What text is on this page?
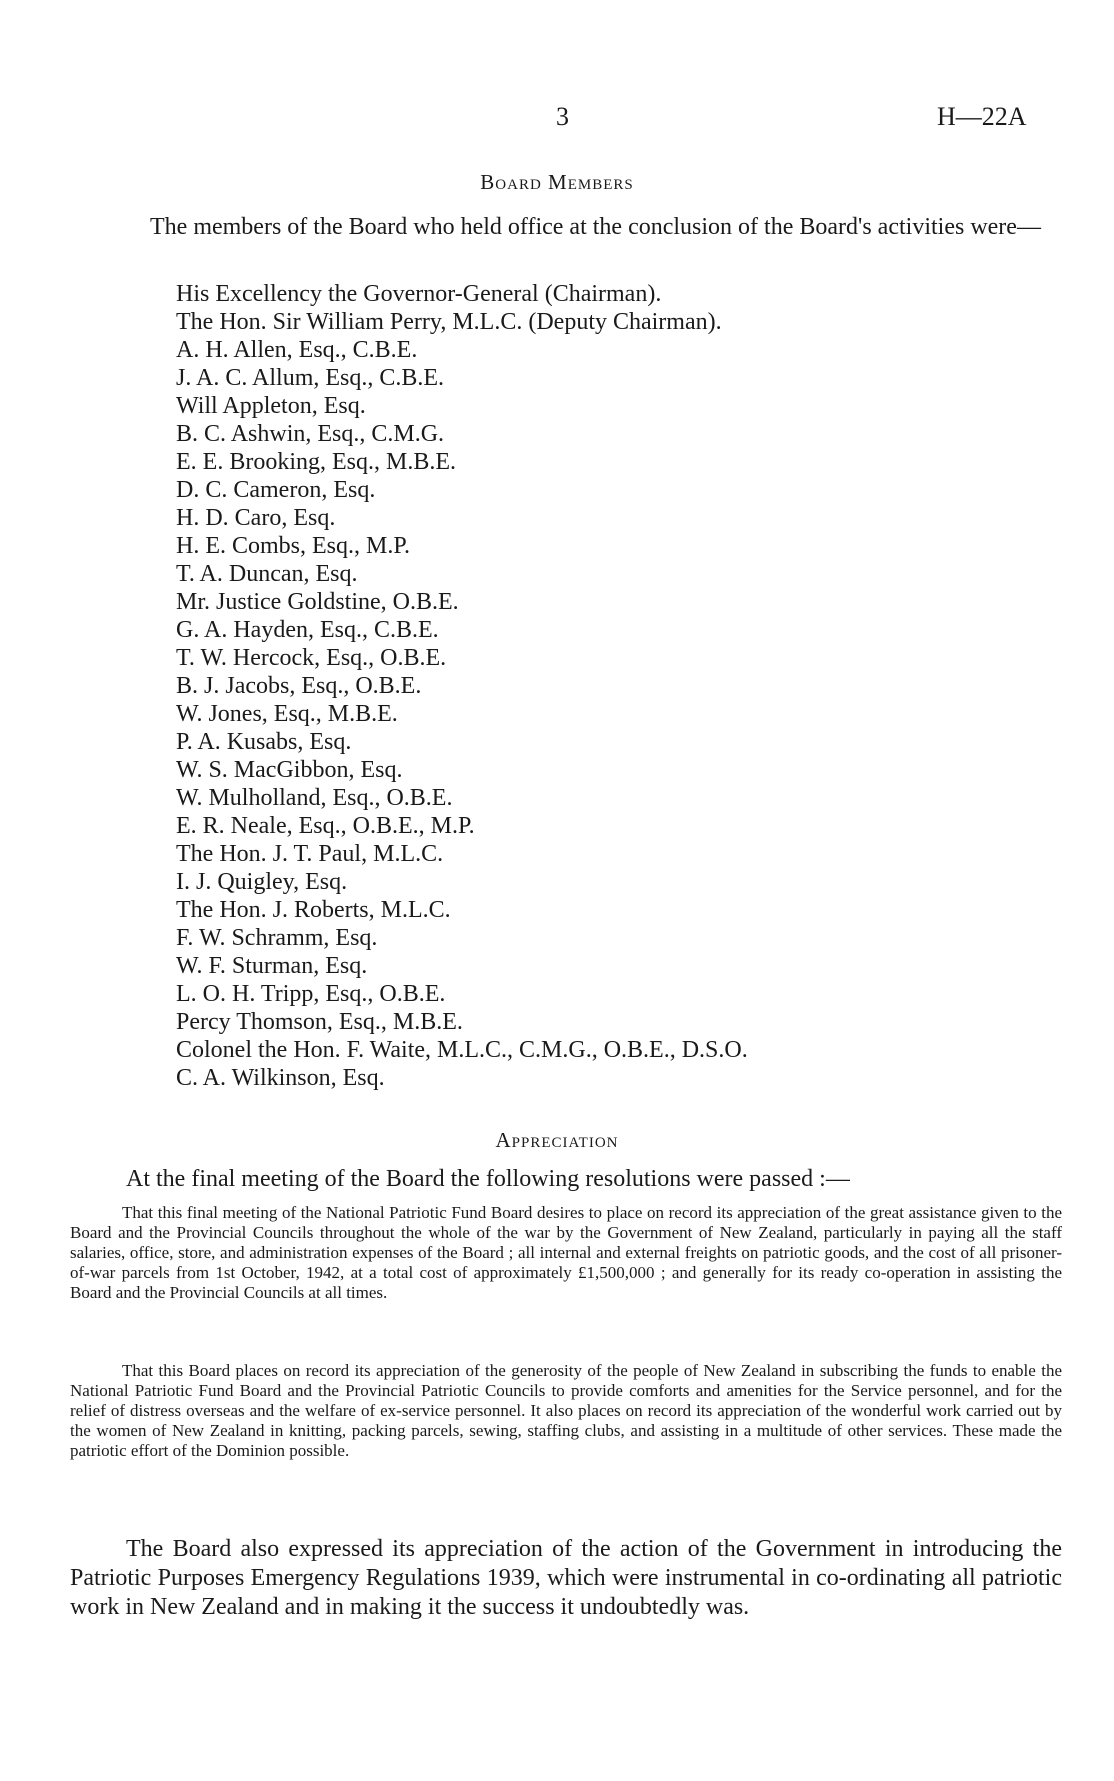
3	H—22A
Board Members

The members of the Board who held office at the conclusion of the Board's activities were—

His Excellency the Governor-General (Chairman).
The Hon. Sir William Perry, M.L.C. (Deputy Chairman).
A. H. Allen, Esq., C.B.E.
J. A. C. Allum, Esq., C.B.E.
Will Appleton, Esq.
B. C. Ashwin, Esq., C.M.G.
E. E. Brooking, Esq., M.B.E.
D. C. Cameron, Esq.
H. D. Caro, Esq.
H. E. Combs, Esq., M.P.
T. A. Duncan, Esq.
Mr. Justice Goldstine, O.B.E.
G. A. Hayden, Esq., C.B.E.
T. W. Hercock, Esq., O.B.E.
B. J. Jacobs, Esq., O.B.E.
W. Jones, Esq., M.B.E.
P. A. Kusabs, Esq.
W. S. MacGibbon, Esq.
W. Mulholland, Esq., O.B.E.
E. R. Neale, Esq., O.B.E., M.P.
The Hon. J. T. Paul, M.L.C.
I. J. Quigley, Esq.
The Hon. J. Roberts, M.L.C.
F. W. Schramm, Esq.
W. F. Sturman, Esq.
L. O. H. Tripp, Esq., O.B.E.
Percy Thomson, Esq., M.B.E.
Colonel the Hon. F. Waite, M.L.C., C.M.G., O.B.E., D.S.O.
C. A. Wilkinson, Esq.
Appreciation
At the final meeting of the Board the following resolutions were passed :—

That this final meeting of the National Patriotic Fund Board desires to place on record its appreciation of the great assistance given to the Board and the Provincial Councils throughout the whole of the war by the Government of New Zealand, particularly in paying all the staff salaries, office, store, and administration expenses of the Board ; all internal and external freights on patriotic goods, and the cost of all prisoner-of-war parcels from 1st October, 1942, at a total cost of approximately £1,500,000 ; and generally for its ready co-operation in assisting the Board and the Provincial Councils at all times.

That this Board places on record its appreciation of the generosity of the people of New Zealand in subscribing the funds to enable the National Patriotic Fund Board and the Provincial Patriotic Councils to provide comforts and amenities for the Service personnel, and for the relief of distress overseas and the welfare of ex-service personnel. It also places on record its appreciation of the wonderful work carried out by the women of New Zealand in knitting, packing parcels, sewing, staffing clubs, and assisting in a multitude of other services. These made the patriotic effort of the Dominion possible.

The Board also expressed its appreciation of the action of the Government in introducing the Patriotic Purposes Emergency Regulations 1939, which were instrumental in co-ordinating all patriotic work in New Zealand and in making it the success it undoubtedly was.
